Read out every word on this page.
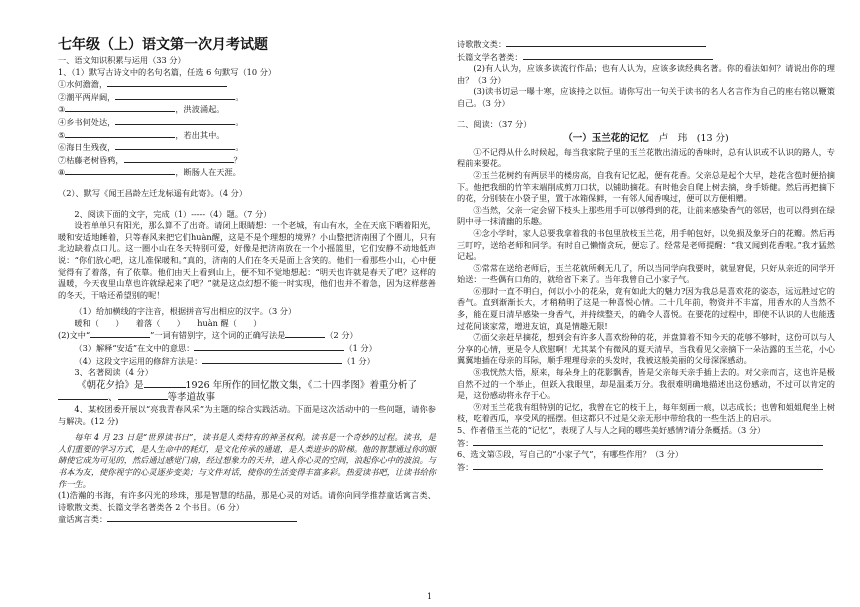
七年级（上）语文第一次月考试题
一、语文知识积累与运用（33 分）
1、（1）默写古诗文中的名句名篇，任选 6 句默写（10 分）
①水何澹澹，
②潮平两岸阔，	。
③	，洪波涌起。
④乡书何处达，	。
⑤	，若出其中。
⑥海日生残夜，	。
⑦枯藤老树昏鸦，	？
⑧	，断肠人在天涯。
（2）、默写《闻王昌龄左迁龙标遥有此寄》。（4 分）
2、阅读下面的文字，完成（1）-----（4）题。（7 分）
设若单单只有阳光，那么算不了出奇。请闭上眼睛想：一个老城，有山有水，全在天底下晒着阳光，暖和安适地睡着，只等春风来把它们huàn醒，这是不是个理想的境界？小山整把济南围了个圈儿，只有北边缺着点口儿。这一圈小山在冬天特别可爱，好像是把济南放在一个小摇篮里，它们安静不动地低声说：“你们放心吧，这儿准保暖和。”真的，济南的人们在冬天是面上含笑的。他们一看那些小山，心中便觉得有了着落，有了依靠。他们由天上看到山上，便不知不觉地想起：“明天也许就是春天了吧？这样的温暖，今天夜里山草也许就绿起来了吧？”就是这点幻想不能一时实现，他们也并不着急，因为这样慈善的冬天，干啥还希望别的呢！
（1）给加横线的字注音，根据拼音写出相应的汉字。（3 分）
暖和（　　）　　着落（　　）　　huàn 醒（　　）
(2)文中“	”一词有错别字，这个词的正确写法是	（2 分）
（3）解释“安适”在文中的意思：	（1 分）
（4）这段文字运用的修辞方法是：	（1 分）
3、名著阅读（4 分）
《朝花夕拾》是	1926 年所作的回忆散文集，《二十四孝图》着重分析了
、	等孝道故事
4、某校团委开展以“亮我青春风采”为主题的综合实践活动。下面是这次活动中的一些问题，请你参与解决。(12 分)
每年 4 月 23 日是“世界读书日”，读书是人类特有的神圣权利。读书是一个奇妙的过程。读书，是人们重要的学习方式，是人生命中的耗灯，是文化传承的通道，是人类进步的阶梯。他的智慧通过你的眼睛使它成为可见的，然后通过感觉门扇，经过想象力的天井，进入你心灵的空间，浪起你心中的波浪。与书本为友，使你视宇的心灵逐步变美；与文件对话，使你的生活变得丰富多彩。热爱读书吧，让读书给你作一生。
(1)浩瀚的书海，有许多闪光的珍珠，那是智慧的结晶，那是心灵的对话。请你向同学推荐童话寓言类、诗歌散文类、长篇文学名著类各 2 个书目。（6 分）
童话寓言类：
诗歌散文类：
长篇文学名著类：
(2)有人认为，应该多读流行作品；也有人认为，应该多读经典名著。你的看法如何？请说出你的理由？（3 分）
(3)读书切忌一曝十寒，应该持之以恒。请你写出一句关于读书的名人名言作为自己的座右铭以鞭策自己。（3 分）
二、阅读：（37 分）
（一）玉兰花的记忆 卢　玮　(13 分)
①不记得从什么时候起，每当我家院子里的玉兰花散出清远的香味时，总有认识或不认识的路人，专程前来要花。
②玉兰花树约有两层半的楼房高，自我有记忆起，便有花香。父亲总是起个大早，趁花含苞时便拾摘下。他把我细的竹竿末端削成剪刀口状，以铺助摘花。有时他会自爬上树去摘，身手矫健。然后再把摘下的花，分别装在小袋子里，置于冰箱保鲜，一有邻人闻香嗅过，便可以方便相赠。
③当然，父亲一定会留下枝头上那些用手可以够得到的花，让前来感染香气的邻居，也可以得到在绿阴中寻一抹清幽的乐趣。
④念小学时，家人总要我拿着我的书包里放枝玉兰花，用手帕包好，以免损及象牙白的花瓣。然后再三叮咛，送给老师和同学。有时自己懒惰贪玩，便忘了。经常是老师提醒：“我又闻到花香啦。”我才猛然记起。
⑤常常在送给老师后，玉兰花就所剩无几了，所以当同学向我要时，就显窘促，只好从亲近的同学开始送：一些偶有口角的，就给省下来了。当年我曾自己小家子气。
⑥那时一直不明白，何以小小的花朵，竟有如此大的魅力?因为我总是喜欢花的姿态，远远胜过它的香气。直到渐渐长大，才稍稍明了这是一种喜悦心情。二十几年前，物资并不丰富，用香水的人当然不多，能在夏日清早感染一身香气，并持续整天，的确令人喜悦。在要花的过程中，即使不认识的人也能透过花间谈家常，增进友谊，真是情趣无限!
⑦面父亲赶早摘花，想到会有许多人喜欢纷种的花，并盘算着不知今天的花够不够时，这份可以与人分享的心情，更是令人欣慰啊！尤其某个有微风的夏天清早，当我看见父亲摘下一朵沾露的玉兰花，小心翼翼地插在母亲的耳际，顺手理理母亲的头发时，我被这般美丽的父母深深感动。
⑧我恍然大悟，原来，每朵身上的花影飘香，皆是父亲每天亲手插上去的。对父亲而言，这也许是极自然不过的一个举止，但跃入我眼里，却是温柔万分。我很难明确地描述出这份感动，不过可以肯定的是，这份感动将永存于心。
⑨对玉兰花我有组特别的记忆，我曾在它的枝干上，每年刻画一痕，以志成长；也曾和姐姐爬坐上树枝，吃着西瓜，享受风的摇摆。但这都只不过是父亲无形中带给我的一些生活上的启示。
5、作者借玉兰花的“记忆”，表现了人与人之间的哪些美好感情?请分条概括。（3 分）
答：
6、选文第⑤段，写自己的“小家子气”，有哪些作用？（3 分）
答：
1
